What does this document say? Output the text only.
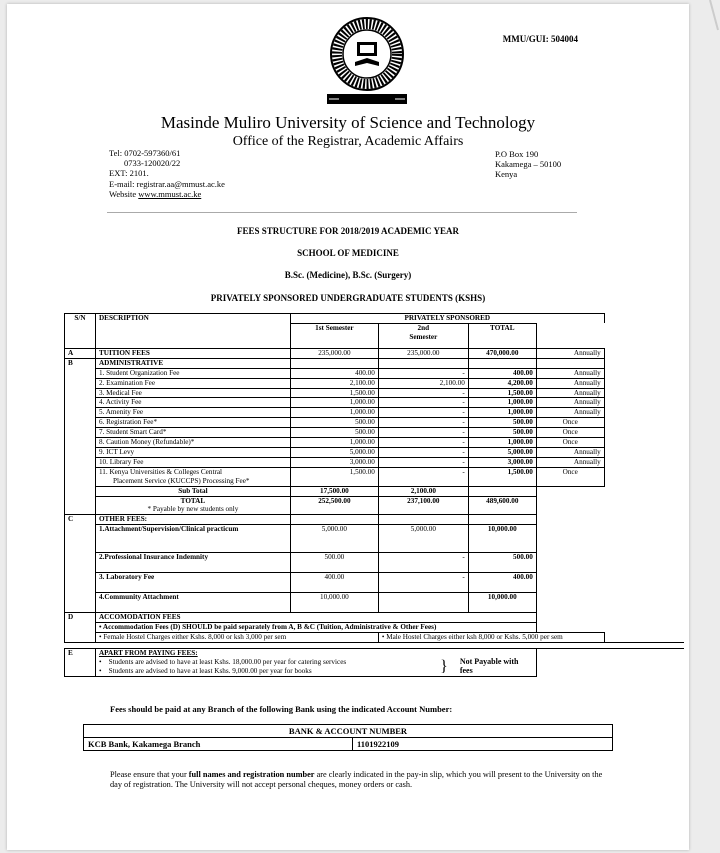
MMU/GUI: 504004
Masinde Muliro University of Science and Technology
Office of the Registrar, Academic Affairs
Tel: 0702-597360/61
0733-120020/22
EXT: 2101.
E-mail: registrar.aa@mmust.ac.ke
Website www.mmust.ac.ke
P.O Box 190
Kakamega – 50100
Kenya
FEES STRUCTURE FOR 2018/2019 ACADEMIC YEAR
SCHOOL OF MEDICINE
B.Sc. (Medicine), B.Sc. (Surgery)
PRIVATELY SPONSORED UNDERGRADUATE STUDENTS (KSHS)
S/N	DESCRIPTION	PRIVATELY SPONSORED				
		1st Semester	2nd
Semester	TOTAL		
A	TUITION FEES	235,000.00	235,000.00	470,000.00	Annually	
B	ADMINISTRATIVE					
	1. Student Organization Fee	400.00	-	400.00	Annually	
	2. Examination Fee	2,100.00	2,100.00	4,200.00	Annually	
	3. Medical Fee	1,500.00	-	1,500.00	Annually	
	4. Activity Fee	1,000.00	-	1,000.00	Annually	
	5. Amenity Fee	1,000.00	-	1,000.00	Annually	
	6. Registration Fee*	500.00	-	500.00	Once	
	7. Student Smart Card*	500.00	-	500.00	Once	
	8. Caution Money (Refundable)*	1,000.00	-	1,000.00	Once	
	9. ICT Levy	5,000.00	-	5,000.00	Annually	
	10. Library Fee	3,000.00	-	3,000.00	Annually	
	11. Kenya Universities & Colleges Central
Placement Service (KUCCPS) Processing Fee*	1,500.00	-	1,500.00	Once	
	Sub Total	17,500.00	2,100.00			
	TOTAL
* Payable by new students only	252,500.00	237,100.00	489,600.00		
C	OTHER FEES:					
	1.Attachment/Supervision/Clinical practicum	5,000.00	5,000.00	10,000.00		
	2.Professional Insurance Indemnity	500.00	-	500.00		
	3. Laboratory Fee	400.00	-	400.00		
	4.Community Attachment	10,000.00		10,000.00		
D	ACCOMODATION FEES					
	• Accommodation Fees (D) SHOULD be paid separately from A, B &C (Tuition, Administrative & Other Fees)					
	• Female Hostel Charges either Kshs. 8,000 or ksh 3,000 per sem		• Male Hostel Charges either ksh 8,000 or Kshs. 5,000 per sem			

E	APART FROM PAYING FEES:
•    Students are advised to have at least Kshs. 18,000.00 per year for catering services
•    Students are advised to have at least Kshs. 9,000.00 per year for books } Not Payable with fees					

Fees should be paid at any Branch of the following Bank using the indicated Account Number:
BANK & ACCOUNT NUMBER
KCB Bank, Kakamega Branch	1101922109
Please ensure that your full names and registration number are clearly indicated in the pay-in slip, which you will present to the University on the day of registration. The University will not accept personal cheques, money orders or cash.
